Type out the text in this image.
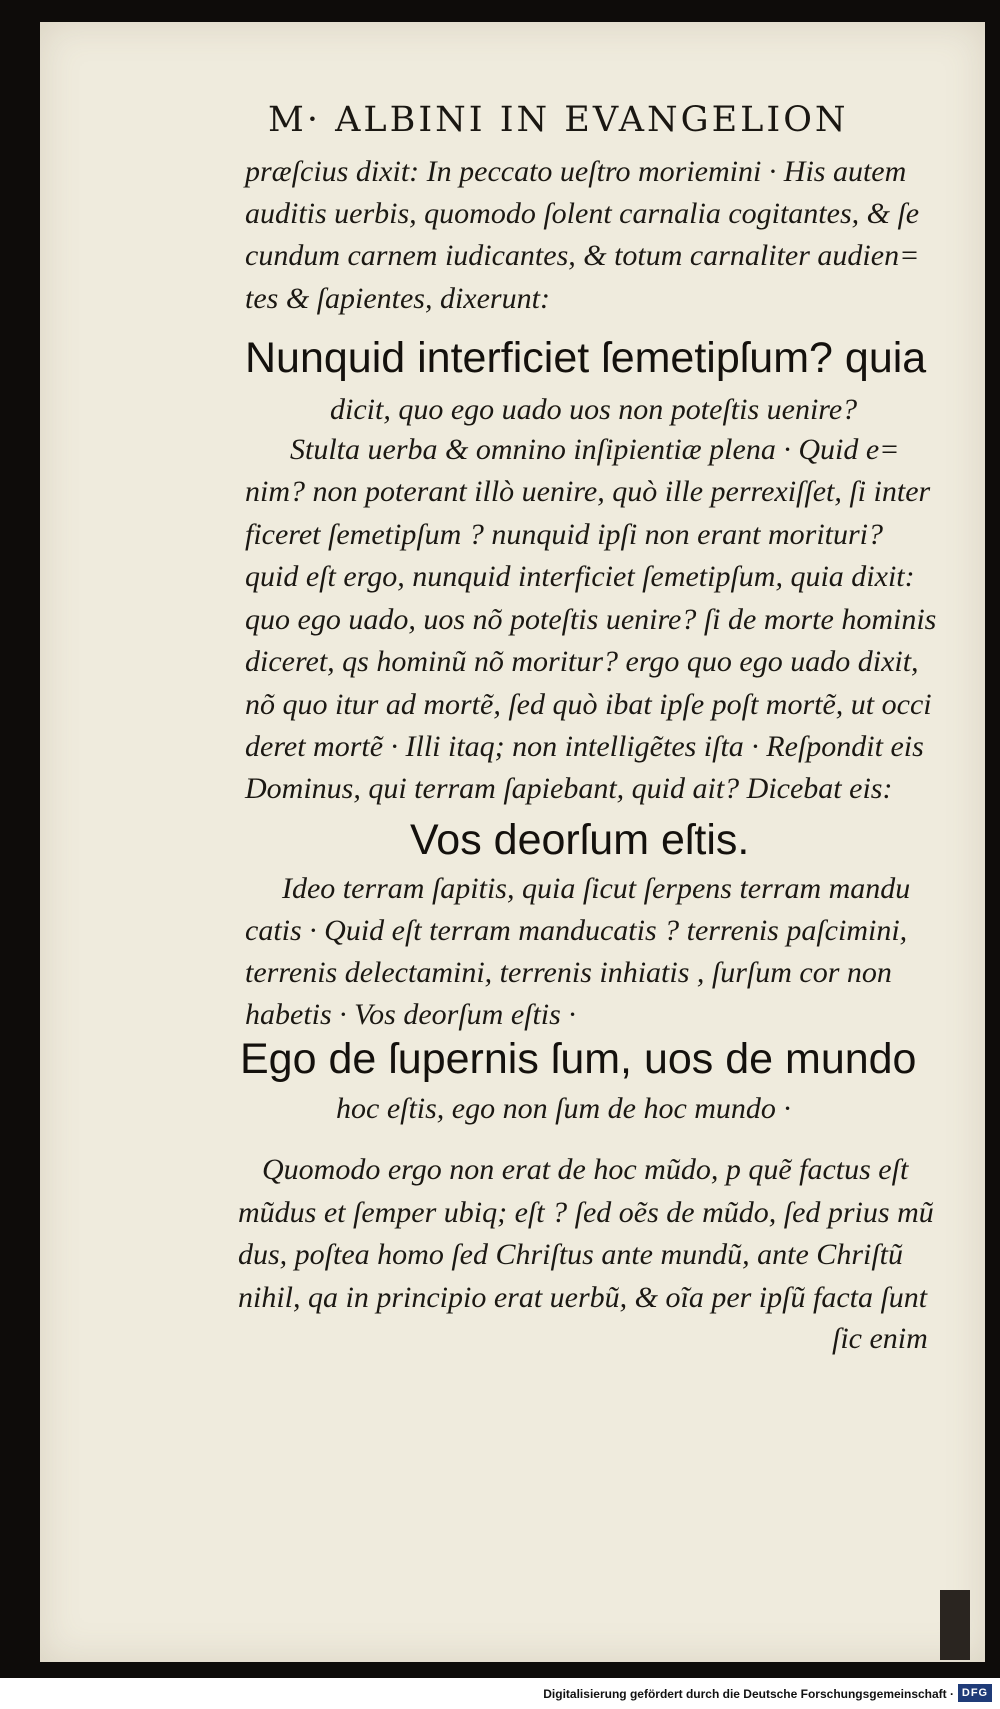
M· ALBINI IN EVANGELION
præſcius dixit: In peccato ueſtro moriemini · His autem
auditis uerbis, quomodo ſolent carnalia cogitantes, & ſe
cundum carnem iudicantes, & totum carnaliter audien=
tes & ſapientes, dixerunt:
Nunquid interficiet ſemetipſum? quia
dicit, quo ego uado uos non poteſtis uenire?
Stulta uerba & omnino inſipientiæ plena · Quid e=
nim? non poterant illò uenire, quò ille perrexiſſet, ſi inter
ficeret ſemetipſum ? nunquid ipſi non erant morituri?
quid eſt ergo, nunquid interficiet ſemetipſum, quia dixit:
quo ego uado, uos nõ poteſtis uenire? ſi de morte hominis
diceret, qs hominũ nõ moritur? ergo quo ego uado dixit,
nõ quo itur ad mortẽ, ſed quò ibat ipſe poſt mortẽ, ut occi
deret mortẽ · Illi itaq; non intelligẽtes iſta · Reſpondit eis
Dominus, qui terram ſapiebant, quid ait? Dicebat eis:
Vos deorſum eſtis.
Ideo terram ſapitis, quia ſicut ſerpens terram mandu
catis · Quid eſt terram manducatis ? terrenis paſcimini,
terrenis delectamini, terrenis inhiatis , ſurſum cor non
habetis · Vos deorſum eſtis ·
Ego de ſupernis ſum, uos de mundo
hoc eſtis, ego non ſum de hoc mundo ·
Quomodo ergo non erat de hoc mũdo, p quẽ factus eſt
mũdus et ſemper ubiq; eſt ? ſed oẽs de mũdo, ſed prius mũ
dus, poſtea homo ſed Chriſtus ante mundũ, ante Chriſtũ
nihil, qa in principio erat uerbũ, & oĩa per ipſũ facta ſunt
ſic enim
Digitalisierung gefördert durch die Deutsche Forschungsgemeinschaft · DFG
